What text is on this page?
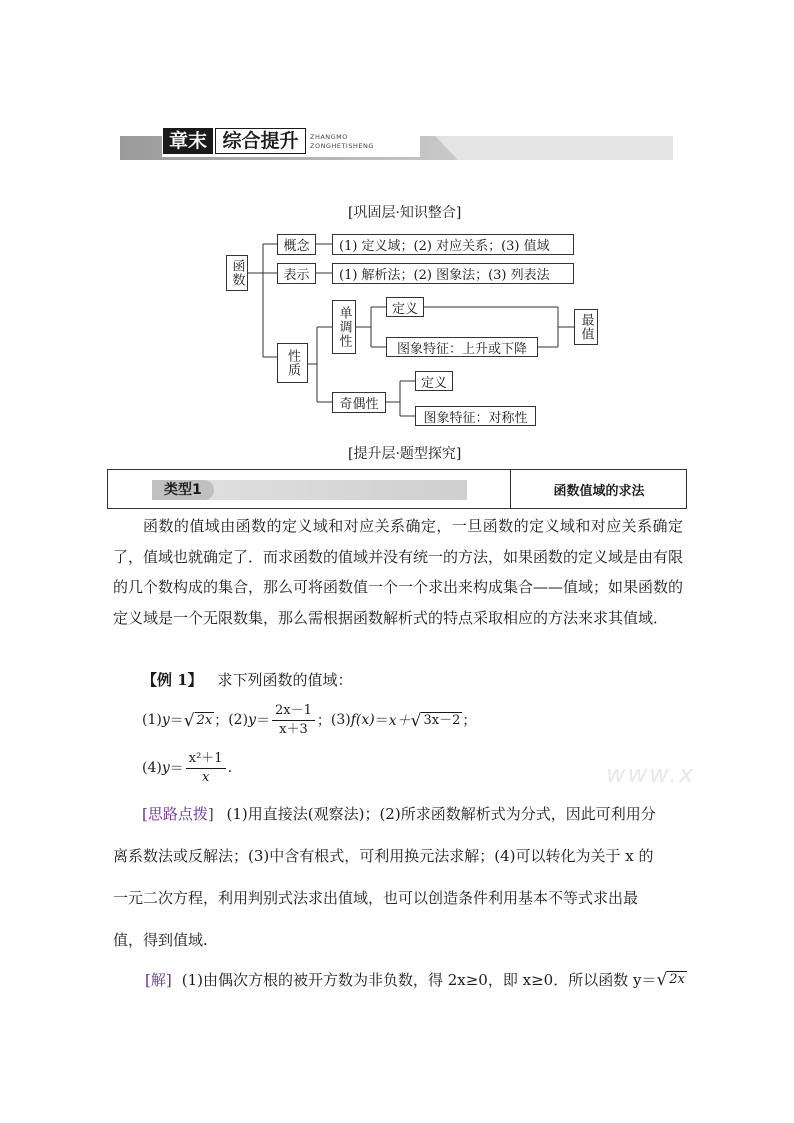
章末 综合提升	ZHANGMO
ZONGHETISHENG
[巩固层·知识整合]
函数
概念	(1) 定义域；(2) 对应关系；(3) 值域
表示	(1) 解析法；(2) 图象法；(3) 列表法
性质
单调性	定义
图象特征：上升或下降
最值
奇偶性
定义
图象特征：对称性
[提升层·题型探究]
类型1	函数值域的求法

函数的值域由函数的定义域和对应关系确定，一旦函数的定义域和对应关系确定了，值域也就确定了．而求函数的值域并没有统一的方法，如果函数的定义域是由有限的几个数构成的集合，那么可将函数值一个一个求出来构成集合——值域；如果函数的定义域是一个无限数集，那么需根据函数解析式的特点采取相应的方法来求其值域．

【例 1】 求下列函数的值域：
(1) y ＝ √ 2x ； (2) $y = \frac{2x-1}{x+3}$ ； (3) f(x) ＝ x＋ √ 3x－2 ；
(4) $y = \frac{\text{x²＋1}}{x}$ .	www.x
[思路点拨] (1)用直接法(观察法)；(2)所求函数解析式为分式，因此可利用分
离系数法或反解法；(3)中含有根式，可利用换元法求解；(4)可以转化为关于 x 的
一元二次方程，利用判别式法求出值域，也可以创造条件利用基本不等式求出最
值，得到值域.
[解] (1)由偶次方根的被开方数为非负数，得 2x≥0，即 x≥0．所以函数 y＝ √ 2x
